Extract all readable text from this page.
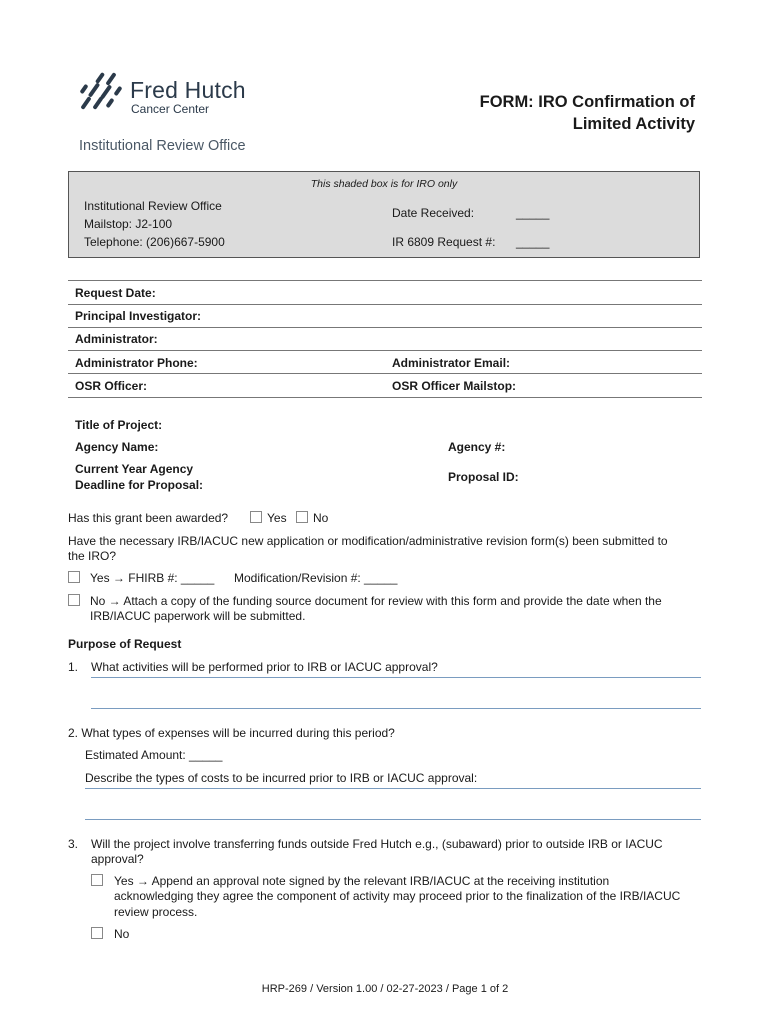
Fred Hutch
Cancer Center
Institutional Review Office
FORM: IRO Confirmation of
Limited Activity
This shaded box is for IRO only
Institutional Review Office
Mailstop: J2-100
Telephone: (206)667-5900
Date Received:	_____
IR 6809 Request #: _____
Request Date:
Principal Investigator:
Administrator:
Administrator Phone:	Administrator Email:
OSR Officer:	OSR Officer Mailstop:
Title of Project:
Agency Name:	Agency #:
Current Year Agency
Deadline for Proposal:
Proposal ID:
Has this grant been awarded?	Yes No
Have the necessary IRB/IACUC new application or modification/administrative revision form(s) been submitted to
the IRO?
Yes → FHIRB #: _____ Modification/Revision #: _____
No → Attach a copy of the funding source document for review with this form and provide the date when the
IRB/IACUC paperwork will be submitted.
Purpose of Request
1. What activities will be performed prior to IRB or IACUC approval?
2. What types of expenses will be incurred during this period?
Estimated Amount: _____
Describe the types of costs to be incurred prior to IRB or IACUC approval:
3. Will the project involve transferring funds outside Fred Hutch e.g., (subaward) prior to outside IRB or IACUC
approval?
Yes → Append an approval note signed by the relevant IRB/IACUC at the receiving institution
acknowledging they agree the component of activity may proceed prior to the finalization of the IRB/IACUC
review process.
No
HRP-269 / Version 1.00 / 02-27-2023 / Page 1 of 2
